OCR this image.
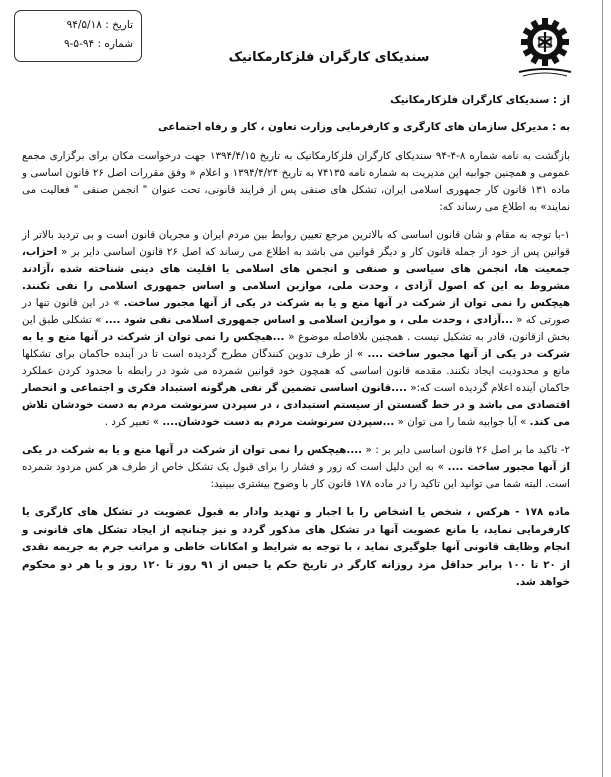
تاریخ : ۹۴/۵/۱۸
شماره : ۹۴-۵-۹
سندیکای کارگران فلزکارمکانیک

از : سندیکای کارگران فلزکارمکانیک

به : مدیرکل سازمان های کارگری و کارفرمایی وزارت تعاون ، کار و رفاه اجتماعی

بازگشت به نامه شماره ۸-۴-۹۴ سندیکای کارگران فلزکارمکانیک به تاریخ ۱۳۹۴/۴/۱۵ جهت درخواست مکان برای برگزاری مجمع عمومی و همچنین جوابیه این مدیریت به شماره نامه ۷۴۱۳۵ به تاریخ ۱۳۹۴/۴/۲۴ و اعلام « وفق مقررات اصل ۲۶ قانون اساسی و ماده ۱۳۱ قانون کار جمهوری اسلامی ایران، تشکل های صنفی پس از فرایند قانونی، تحت عنوان " انجمن صنفی " فعالیت می نمایند» به اطلاع می رساند که:

۱-با توجه به مقام و شان قانون اساسی که بالاترین مرجع تعیین روابط بین مردم ایران و مجریان قانون است و بی تردید بالاتر از قوانین پس از خود از جمله قانون کار و دیگر قوانین می باشد به اطلاع می رساند که اصل ۲۶ قانون اساسی دایر بر « احزاب، جمعیت ها، انجمن های سیاسی و صنفی و انجمن های اسلامی یا اقلیت های دینی شناخته شده ،آزادند مشروط به این که اصول آزادی ، وحدت ملی، موازین اسلامی و اساس جمهوری اسلامی را نفی نکنند. هیچکس را نمی توان از شرکت در آنها منع و یا به شرکت در یکی از آنها مجبور ساخت. » در این قانون تنها در صورتی که « ...آزادی ، وحدت ملی ، و موازین اسلامی و اساس جمهوری اسلامی نفی شود .... » تشکلی طبق این بخش ازقانون، قادر به تشکیل نیست . همچنین بلافاصله موضوع « ...هیچکس را نمی توان از شرکت در آنها منع و یا به شرکت در یکی از آنها مجبور ساخت .... » از طرف تدوین کنندگان مطرح گردیده است تا در آینده حاکمان برای تشکلها مانع و محدودیت ایجاد نکنند. مقدمه قانون اساسی که همچون خود قوانین شمرده می شود در رابطه با محدود کردن عملکرد حاکمان آینده اعلام گردیده است که:« ....قانون اساسی تضمین گر نفی هرگونه استبداد فکری و اجتماعی و انحصار اقتصادی می باشد و در خط گسستن از سیستم استبدادی ، در سپردن سرنوشت مردم به دست خودشان تلاش می کند. » آیا جوابیه شما را می توان « ...سپردن سرنوشت مردم به دست خودشان.... » تعبیر کرد .

۲- تاکید ما بر اصل ۲۶ قانون اساسی دایر بر : « ....هیچکس را نمی توان از شرکت در آنها منع و یا به شرکت در یکی از آنها مجبور ساخت .... » به این دلیل است که زور و فشار را برای قبول یک تشکل خاص از طرف هر کس مردود شمرده است. البته شما می توانید این تاکید را در ماده ۱۷۸ قانون کار با وضوح بیشتری ببینید:

ماده ۱۷۸ - هرکس ، شخص یا اشخاص را با اجبار و تهدید وادار به قبول عضویت در تشکل های کارگری یا کارفرمایی نماید، یا مانع عضویت آنها در تشکل های مذکور گردد و نیز چنانچه از ایجاد تشکل های قانونی و انجام وظایف قانونی آنها جلوگیری نماید ، با توجه به شرایط و امکانات خاطی و مراتب جرم به جریمه نقدی از ۲۰ تا ۱۰۰ برابر حداقل مزد روزانه کارگر در تاریخ حکم یا حبس از ۹۱ روز تا ۱۲۰ روز و یا هر دو محکوم خواهد شد.
